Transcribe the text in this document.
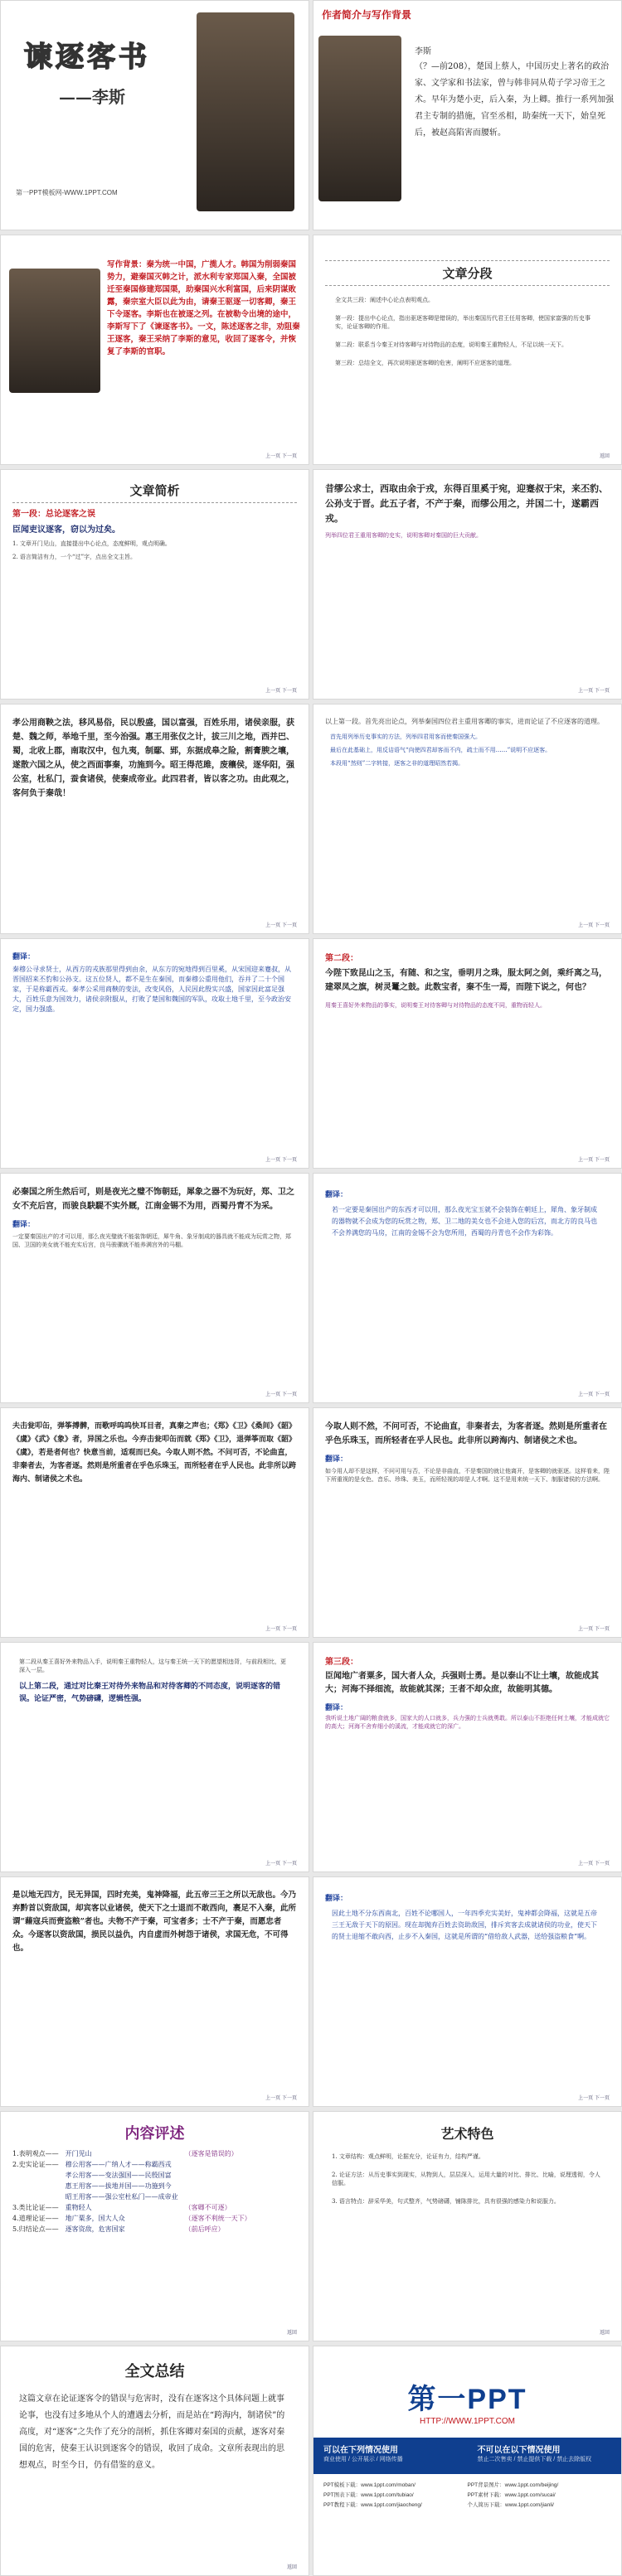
谏逐客书
——李斯
第一PPT模板网-WWW.1PPT.COM
作者简介与写作背景
李斯
（？—前208），楚国上蔡人，中国历史上著名的政治家、文学家和书法家，曾与韩非同从荀子学习帝王之术。早年为楚小吏，后入秦，为上卿。推行一系列加强君主专制的措施，官至丞相，助秦统一天下，始皇死后，被赵高陷害而腰斩。
写作背景：秦为统一中国，广揽人才。韩国为削弱秦国势力，避秦国灭韩之计，派水利专家郑国入秦，全国被迁至秦国修建郑国渠，助秦国兴水利富国，后来阴谋败露，秦宗室大臣以此为由，请秦王驱逐一切客卿，秦王下令逐客。李斯也在被逐之列。在被勒令出境的途中，李斯写下了《谏逐客书》。一文，陈述逐客之非，劝阻秦王逐客，秦王采纳了李斯的意见，收回了逐客令，并恢复了李斯的官职。
上一页 下一页
文章分段
全文共三段：阐述中心论点表明观点。
第一段：提出中心论点，指出驱逐客卿是错误的，举出秦国历代君王任用客卿，使国家富强的历史事实，论证客卿的作用。
第二段：联系当今秦王对待客卿与对待物品的态度，说明秦王重物轻人，不足以统一天下。
第三段：总结全文，再次说明驱逐客卿的危害，阐明不应逐客的道理。
返回
文章简析
第一段：总论逐客之误
臣闻吏议逐客，窃以为过矣。
1. 文章开门见山，直接提出中心论点，态度鲜明，观点明确。
2. 语言简洁有力，一个“过”字，点出全文主旨。
上一页 下一页
昔缪公求士，西取由余于戎，东得百里奚于宛，迎蹇叔于宋，来丕豹、公孙支于晋。此五子者，不产于秦，而缪公用之，并国二十，遂霸西戎。
列举四位君王重用客卿的史实，说明客卿对秦国的巨大贡献。
上一页 下一页
孝公用商鞅之法，移风易俗，民以殷盛，国以富强，百姓乐用，诸侯亲服，获楚、魏之师，举地千里，至今治强。惠王用张仪之计，拔三川之地，西并巴、蜀，北收上郡，南取汉中，包九夷，制鄢、郢，东据成皋之险，割膏腴之壤，遂散六国之从，使之西面事秦，功施到今。昭王得范雎，废穰侯，逐华阳，强公室，杜私门，蚕食诸侯，使秦成帝业。此四君者，皆以客之功。由此观之，客何负于秦哉！
上一页 下一页
以上第一段。首先亮出论点，列举秦国四位君主重用客卿的事实，进而论证了不应逐客的道理。
首先用列举历史事实的方法，列举四君用客而使秦国强大。
最后在此基础上，用反诘语气“向使四君却客而不内，疏士而不用……”说明不应逐客。
本段用“然则”二字转接，逐客之非的道理昭然若揭。
上一页 下一页
翻译：
秦穆公寻求贤士，从西方的戎族那里得到由余，从东方的宛地得到百里奚，从宋国迎来蹇叔，从晋国招来丕豹和公孙支。这五位贤人，都不是生在秦国，而秦穆公重用他们，吞并了二十个国家，于是称霸西戎。秦孝公采用商鞅的变法，改变风俗，人民因此殷实兴盛，国家因此富足强大，百姓乐意为国效力，诸侯亲附服从，打败了楚国和魏国的军队，攻取土地千里，至今政治安定，国力强盛。
上一页 下一页
第二段：
今陛下致昆山之玉，有随、和之宝，垂明月之珠，服太阿之剑，乘纤离之马，建翠凤之旗，树灵鼍之鼓。此数宝者，秦不生一焉，而陛下说之，何也？
用秦王喜好外来物品的事实，说明秦王对待客卿与对待物品的态度不同，重物而轻人。
上一页 下一页
必秦国之所生然后可，则是夜光之璧不饰朝廷，犀象之器不为玩好，郑、卫之女不充后宫，而骏良駃騠不实外厩，江南金锡不为用，西蜀丹青不为采。
翻译：
一定要秦国出产的才可以用，那么夜光璧就不能装饰朝廷，犀牛角、象牙制成的器具就不能成为玩赏之物，郑国、卫国的美女就不能充实后宫，良马骏骡就不能养满宫外的马棚。
上一页 下一页
翻译：
若一定要是秦国出产的东西才可以用，那么夜光宝玉就不会装饰在朝廷上，犀角、象牙制成的器物就不会成为您的玩赏之物，郑、卫二地的美女也不会进入您的后宫，而北方的良马也不会养满您的马房，江南的金锡不会为您所用，西蜀的丹青也不会作为彩饰。
上一页 下一页
夫击瓮叩缶，弹筝搏髀，而歌呼呜呜快耳目者，真秦之声也；《郑》《卫》《桑间》《韶》《虞》《武》《象》者，异国之乐也。今弃击瓮叩缶而就《郑》《卫》，退弹筝而取《韶》《虞》，若是者何也？快意当前，适观而已矣。今取人则不然。不问可否，不论曲直，非秦者去，为客者逐。然则是所重者在乎色乐珠玉，而所轻者在乎人民也。此非所以跨海内、制诸侯之术也。
上一页 下一页
今取人则不然，不问可否，不论曲直，非秦者去，为客者逐。然则是所重者在乎色乐珠玉，而所轻者在乎人民也。此非所以跨海内、制诸侯之术也。
翻译：
如今用人却不是这样，不问可用与否，不论是非曲直，不是秦国的就让他离开，是客卿的就驱逐。这样看来，陛下所重视的是女色、音乐、珍珠、美玉，而所轻视的却是人才啊。这不是用来统一天下、制服诸侯的方法啊。
上一页 下一页
第二段从秦王喜好外来物品入手，说明秦王重物轻人，这与秦王统一天下的愿望相违背，与前段相比，更深入一层。
以上第二段，通过对比秦王对待外来物品和对待客卿的不同态度，说明逐客的错误。论证严密，气势磅礴，逻辑性强。
上一页 下一页
第三段：
臣闻地广者粟多，国大者人众，兵强则士勇。是以泰山不让土壤，故能成其大；河海不择细流，故能就其深；王者不却众庶，故能明其德。
翻译：
我听说土地广阔的粮食就多，国家大的人口就多，兵力强的士兵就勇敢。所以泰山不拒绝任何土壤，才能成就它的高大；河海不舍弃细小的溪流，才能成就它的深广。
上一页 下一页
是以地无四方，民无异国，四时充美，鬼神降福，此五帝三王之所以无敌也。今乃弃黔首以资敌国，却宾客以业诸侯，使天下之士退而不敢西向，裹足不入秦，此所谓“藉寇兵而赍盗粮”者也。夫物不产于秦，可宝者多；士不产于秦，而愿忠者众。今逐客以资敌国，损民以益仇，内自虚而外树怨于诸侯，求国无危，不可得也。
上一页 下一页
翻译：
因此土地不分东西南北，百姓不论哪国人，一年四季充实美好，鬼神都会降福，这就是五帝三王无敌于天下的原因。现在却抛弃百姓去资助敌国，排斥宾客去成就诸侯的功业，使天下的贤士退缩不敢向西，止步不入秦国，这就是所谓的“借给敌人武器，送给强盗粮食”啊。
上一页 下一页
内容评述
1.表明观点——	开门见山	（逐客是错误的）
2.史实论证——	穆公用客——广纳人才——称霸西戎	
	孝公用客——变法强国——民殷国富	
	惠王用客——拔地并国——功施到今	
	昭王用客——强公室杜私门——成帝业	
3.类比论证——	重物轻人	（客卿不可逐）
4.道理论证——	地广粟多，国大人众	（逐客不利统一天下）
5.归结论点——	逐客资敌，危害国家	（前后呼应）
返回
艺术特色
1. 文章结构：观点鲜明，论据充分，论证有力，结构严谨。
2. 论证方法：从历史事实到现实，从物到人，层层深入，运用大量的对比、排比、比喻，说理透彻，令人信服。
3. 语言特点：辞采华美，句式整齐，气势磅礴，铺陈排比，具有很强的感染力和说服力。
返回
全文总结
这篇文章在论证逐客令的错误与危害时，没有在逐客这个具体问题上就事论事，也没有过多地从个人的遭遇去分析，而是站在“跨海内，制诸侯”的高度，对“逐客”之失作了充分的剖析，抓住客卿对秦国的贡献，逐客对秦国的危害，使秦王认识到逐客令的错误，收回了成命。文章所表现出的思想观点，时至今日，仍有借鉴的意义。
返回
第一PPT
HTTP://WWW.1PPT.COM
可以在下列情况使用
商业使用 / 公开展示 / 网络传播
不可以在以下情况使用
禁止二次售卖 / 禁止提供下载 / 禁止去除版权
PPT模板下载：www.1ppt.com/moban/	PPT背景图片：www.1ppt.com/beijing/
PPT图表下载：www.1ppt.com/tubiao/	PPT素材下载：www.1ppt.com/sucai/
PPT教程下载：www.1ppt.com/jiaocheng/	个人简历下载：www.1ppt.com/jianli/
